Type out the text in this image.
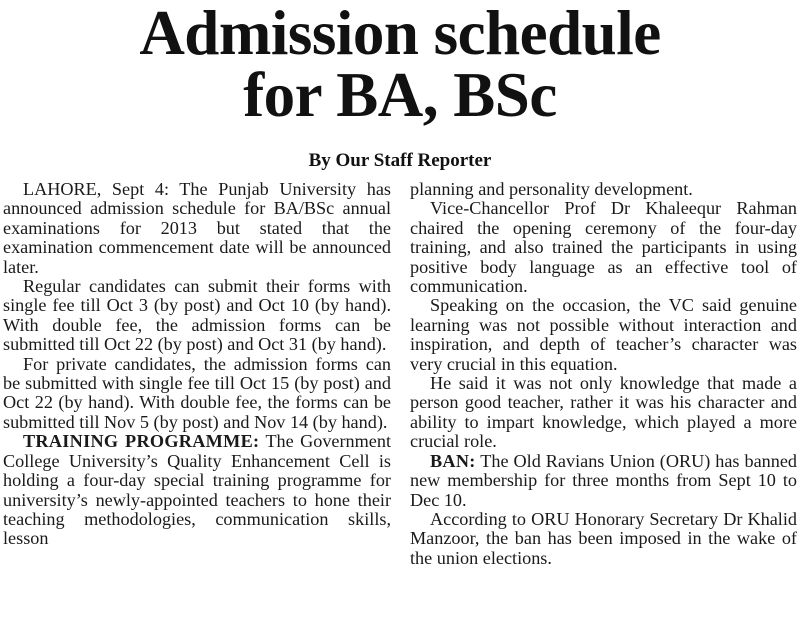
Admission schedule
for BA, BSc
By Our Staff Reporter

LAHORE, Sept 4: The Punjab University has announced admission schedule for BA/BSc annual examinations for 2013 but stated that the examination commencement date will be announced later.

Regular candidates can submit their forms with single fee till Oct 3 (by post) and Oct 10 (by hand). With double fee, the admission forms can be submitted till Oct 22 (by post) and Oct 31 (by hand).

For private candidates, the admission forms can be submitted with single fee till Oct 15 (by post) and Oct 22 (by hand). With double fee, the forms can be submitted till Nov 5 (by post) and Nov 14 (by hand).

TRAINING PROGRAMME: The Government College University’s Quality Enhancement Cell is holding a four-day special training programme for university’s newly-appointed teachers to hone their teaching methodologies, communication skills, lesson

planning and personality development.

Vice-Chancellor Prof Dr Khaleequr Rahman chaired the opening ceremony of the four-day training, and also trained the participants in using positive body language as an effective tool of communication.

Speaking on the occasion, the VC said genuine learning was not possible without interaction and inspiration, and depth of teacher’s character was very crucial in this equation.

He said it was not only knowledge that made a person good teacher, rather it was his character and ability to impart knowledge, which played a more crucial role.

BAN: The Old Ravians Union (ORU) has banned new membership for three months from Sept 10 to Dec 10.

According to ORU Honorary Secretary Dr Khalid Manzoor, the ban has been imposed in the wake of the union elections.
